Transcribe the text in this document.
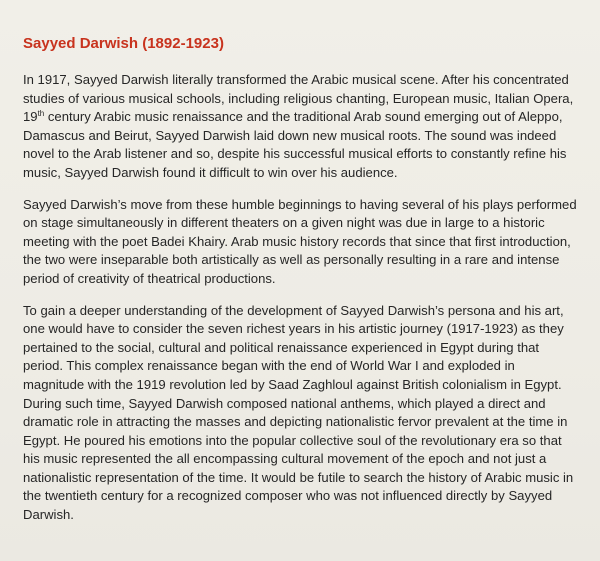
Sayyed Darwish (1892-1923)

In 1917, Sayyed Darwish literally transformed the Arabic musical scene. After his concentrated studies of various musical schools, including religious chanting, European music, Italian Opera, 19th century Arabic music renaissance and the traditional Arab sound emerging out of Aleppo, Damascus and Beirut, Sayyed Darwish laid down new musical roots. The sound was indeed novel to the Arab listener and so, despite his successful musical efforts to constantly refine his music, Sayyed Darwish found it difficult to win over his audience.

Sayyed Darwish’s move from these humble beginnings to having several of his plays performed on stage simultaneously in different theaters on a given night was due in large to a historic meeting with the poet Badei Khairy. Arab music history records that since that first introduction, the two were inseparable both artistically as well as personally resulting in a rare and intense period of creativity of theatrical productions.

To gain a deeper understanding of the development of Sayyed Darwish’s persona and his art, one would have to consider the seven richest years in his artistic journey (1917-1923) as they pertained to the social, cultural and political renaissance experienced in Egypt during that period. This complex renaissance began with the end of World War I and exploded in magnitude with the 1919 revolution led by Saad Zaghloul against British colonialism in Egypt. During such time, Sayyed Darwish composed national anthems, which played a direct and dramatic role in attracting the masses and depicting nationalistic fervor prevalent at the time in Egypt. He poured his emotions into the popular collective soul of the revolutionary era so that his music represented the all encompassing cultural movement of the epoch and not just a nationalistic representation of the time. It would be futile to search the history of Arabic music in the twentieth century for a recognized composer who was not influenced directly by Sayyed Darwish.
